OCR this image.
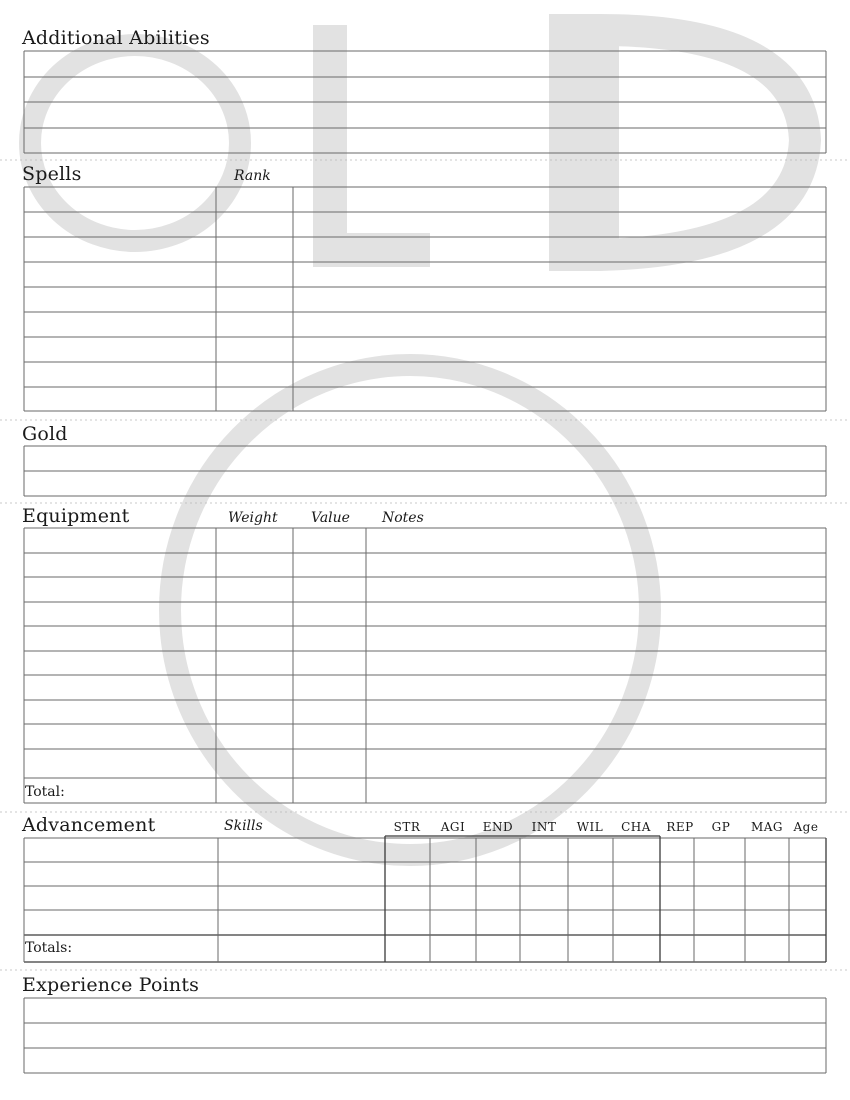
Additional Abilities
Spells	Rank
Gold
Equipment	Weight Value Notes
Total:
Advancement	Skills	STR	AGI	END	INT	WIL	CHA	REP	GP	MAG Age
Totals:
Experience Points
